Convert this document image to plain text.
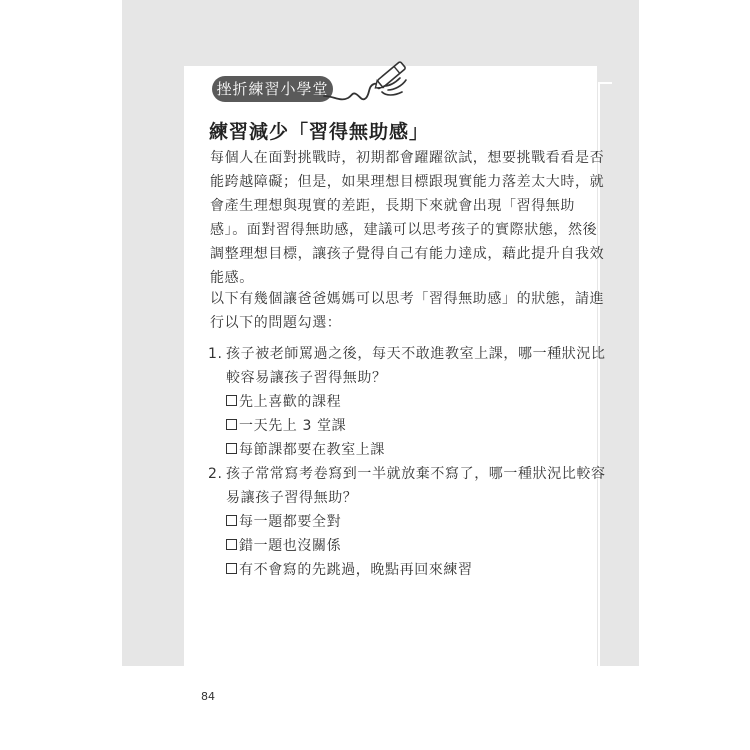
挫折練習小學堂
練習減少「習得無助感」

每個人在面對挑戰時，初期都會躍躍欲試，想要挑戰看看是否
能跨越障礙；但是，如果理想目標跟現實能力落差太大時，就
會產生理想與現實的差距，長期下來就會出現「習得無助
感」。面對習得無助感，建議可以思考孩子的實際狀態，然後
調整理想目標，讓孩子覺得自己有能力達成，藉此提升自我效
能感。

以下有幾個讓爸爸媽媽可以思考「習得無助感」的狀態，請進
行以下的問題勾選：

1. 孩子被老師罵過之後，每天不敢進教室上課，哪一種狀況比
較容易讓孩子習得無助？
先上喜歡的課程
一天先上 3 堂課
每節課都要在教室上課
2. 孩子常常寫考卷寫到一半就放棄不寫了，哪一種狀況比較容
易讓孩子習得無助？
每一題都要全對
錯一題也沒關係
有不會寫的先跳過，晚點再回來練習
84
